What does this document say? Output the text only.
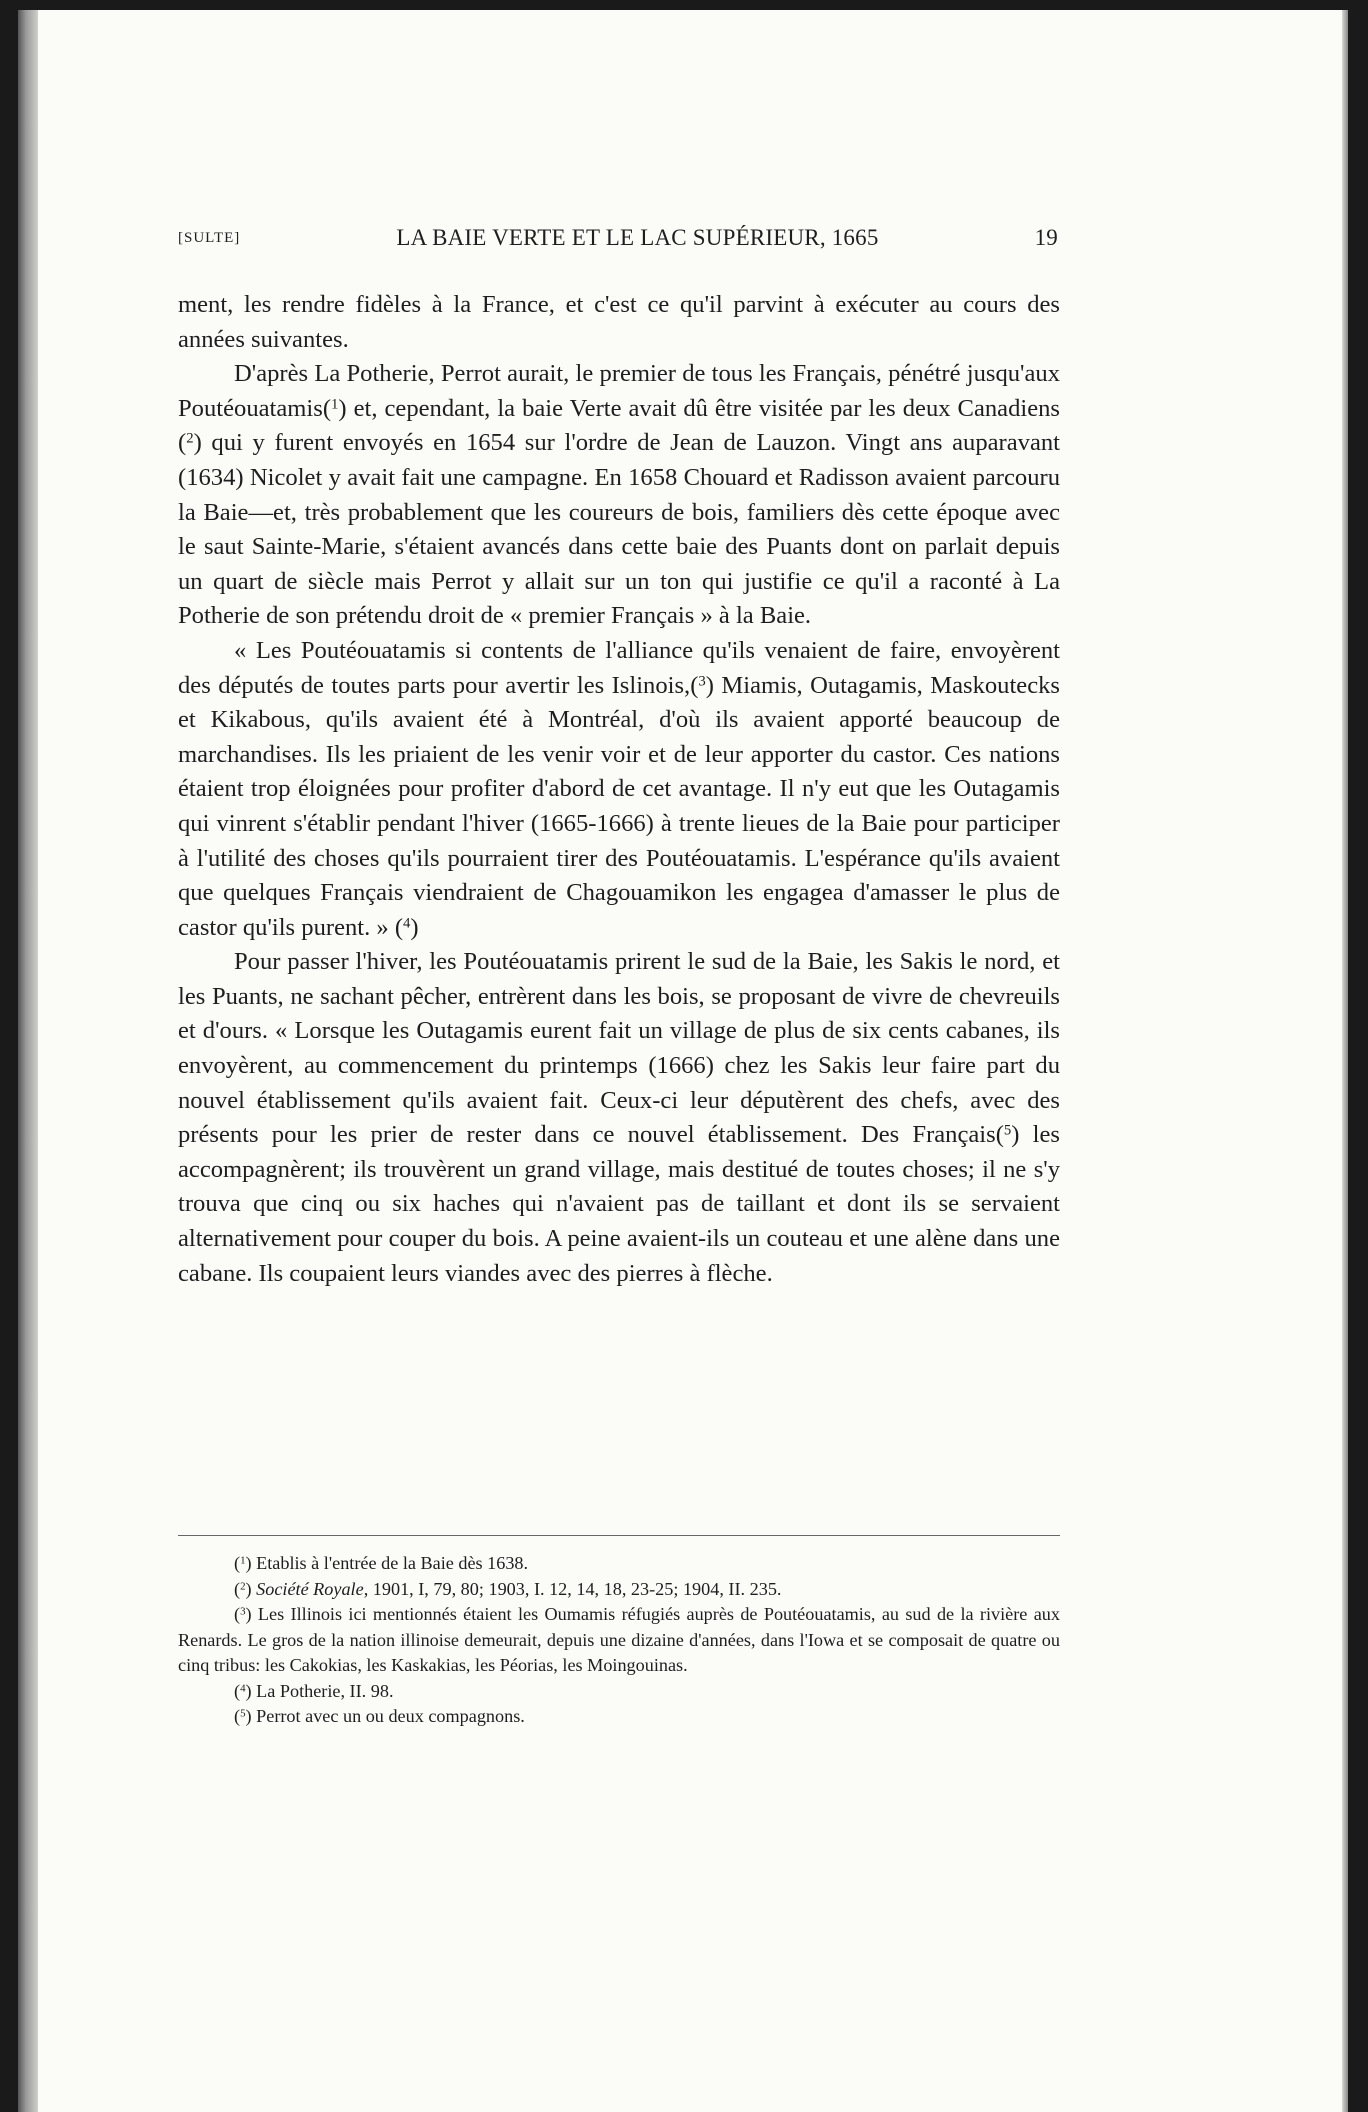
[SULTE]	LA BAIE VERTE ET LE LAC SUPÉRIEUR, 1665	19

ment, les rendre fidèles à la France, et c'est ce qu'il parvint à exécuter au cours des années suivantes.

D'après La Potherie, Perrot aurait, le premier de tous les Français, pénétré jusqu'aux Poutéouatamis($^1$) et, cependant, la baie Verte avait dû être visitée par les deux Canadiens ($^2$) qui y furent envoyés en 1654 sur l'ordre de Jean de Lauzon. Vingt ans auparavant (1634) Nicolet y avait fait une campagne. En 1658 Chouard et Radisson avaient parcouru la Baie—et, très probablement que les coureurs de bois, familiers dès cette époque avec le saut Sainte-Marie, s'étaient avancés dans cette baie des Puants dont on parlait depuis un quart de siècle mais Perrot y allait sur un ton qui justifie ce qu'il a raconté à La Potherie de son prétendu droit de « premier Français » à la Baie.

« Les Poutéouatamis si contents de l'alliance qu'ils venaient de faire, envoyèrent des députés de toutes parts pour avertir les Islinois,($^3$) Miamis, Outagamis, Maskoutecks et Kikabous, qu'ils avaient été à Montréal, d'où ils avaient apporté beaucoup de marchandises. Ils les priaient de les venir voir et de leur apporter du castor. Ces nations étaient trop éloignées pour profiter d'abord de cet avantage. Il n'y eut que les Outagamis qui vinrent s'établir pendant l'hiver (1665-1666) à trente lieues de la Baie pour participer à l'utilité des choses qu'ils pourraient tirer des Poutéouatamis. L'espérance qu'ils avaient que quelques Français viendraient de Chagouamikon les engagea d'amasser le plus de castor qu'ils purent. » ($^4$)

Pour passer l'hiver, les Poutéouatamis prirent le sud de la Baie, les Sakis le nord, et les Puants, ne sachant pêcher, entrèrent dans les bois, se proposant de vivre de chevreuils et d'ours. « Lorsque les Outagamis eurent fait un village de plus de six cents cabanes, ils envoyèrent, au commencement du printemps (1666) chez les Sakis leur faire part du nouvel établissement qu'ils avaient fait. Ceux-ci leur députèrent des chefs, avec des présents pour les prier de rester dans ce nouvel établissement. Des Français($^5$) les accompagnèrent; ils trouvèrent un grand village, mais destitué de toutes choses; il ne s'y trouva que cinq ou six haches qui n'avaient pas de taillant et dont ils se servaient alternativement pour couper du bois. A peine avaient-ils un couteau et une alène dans une cabane. Ils coupaient leurs viandes avec des pierres à flèche.

($^1$) Etablis à l'entrée de la Baie dès 1638.

($^2$) Société Royale, 1901, I, 79, 80; 1903, I. 12, 14, 18, 23-25; 1904, II. 235.

($^3$) Les Illinois ici mentionnés étaient les Oumamis réfugiés auprès de Poutéouatamis, au sud de la rivière aux Renards. Le gros de la nation illinoise demeurait, depuis une dizaine d'années, dans l'Iowa et se composait de quatre ou cinq tribus: les Cakokias, les Kaskakias, les Péorias, les Moingouinas.

($^4$) La Potherie, II. 98.

($^5$) Perrot avec un ou deux compagnons.
